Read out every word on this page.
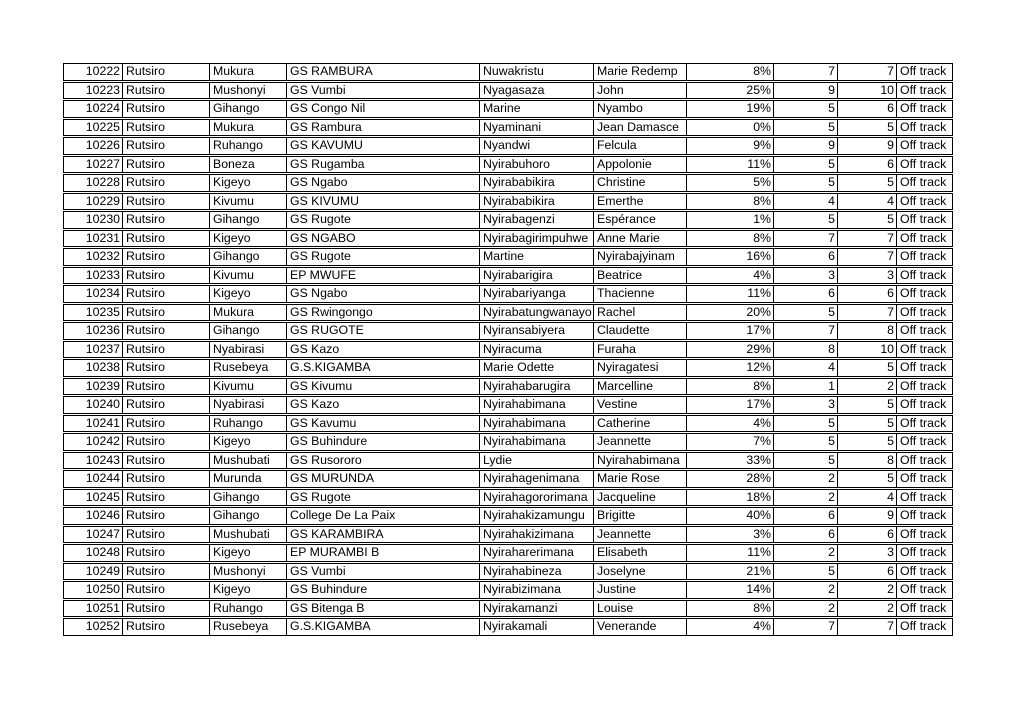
10222	Rutsiro	Mukura	GS RAMBURA	Nuwakristu	Marie Redemp	8%	7	7	Off track
10223	Rutsiro	Mushonyi	GS Vumbi	Nyagasaza	John	25%	9	10	Off track
10224	Rutsiro	Gihango	GS Congo Nil	Marine	Nyambo	19%	5	6	Off track
10225	Rutsiro	Mukura	GS Rambura	Nyaminani	Jean Damasce	0%	5	5	Off track
10226	Rutsiro	Ruhango	GS KAVUMU	Nyandwi	Felcula	9%	9	9	Off track
10227	Rutsiro	Boneza	GS Rugamba	Nyirabuhoro	Appolonie	11%	5	6	Off track
10228	Rutsiro	Kigeyo	GS Ngabo	Nyirababikira	Christine	5%	5	5	Off track
10229	Rutsiro	Kivumu	GS KIVUMU	Nyirababikira	Emerthe	8%	4	4	Off track
10230	Rutsiro	Gihango	GS Rugote	Nyirabagenzi	Espérance	1%	5	5	Off track
10231	Rutsiro	Kigeyo	GS NGABO	Nyirabagirimpuhwe	Anne Marie	8%	7	7	Off track
10232	Rutsiro	Gihango	GS Rugote	Martine	Nyirabajyinam	16%	6	7	Off track
10233	Rutsiro	Kivumu	EP MWUFE	Nyirabarigira	Beatrice	4%	3	3	Off track
10234	Rutsiro	Kigeyo	GS Ngabo	Nyirabariyanga	Thacienne	11%	6	6	Off track
10235	Rutsiro	Mukura	GS Rwingongo	Nyirabatungwanayo	Rachel	20%	5	7	Off track
10236	Rutsiro	Gihango	GS RUGOTE	Nyiransabiyera	Claudette	17%	7	8	Off track
10237	Rutsiro	Nyabirasi	GS Kazo	Nyiracuma	Furaha	29%	8	10	Off track
10238	Rutsiro	Rusebeya	G.S.KIGAMBA	Marie Odette	Nyiragatesi	12%	4	5	Off track
10239	Rutsiro	Kivumu	GS Kivumu	Nyirahabarugira	Marcelline	8%	1	2	Off track
10240	Rutsiro	Nyabirasi	GS Kazo	Nyirahabimana	Vestine	17%	3	5	Off track
10241	Rutsiro	Ruhango	GS Kavumu	Nyirahabimana	Catherine	4%	5	5	Off track
10242	Rutsiro	Kigeyo	GS Buhindure	Nyirahabimana	Jeannette	7%	5	5	Off track
10243	Rutsiro	Mushubati	GS Rusororo	Lydie	Nyirahabimana	33%	5	8	Off track
10244	Rutsiro	Murunda	GS MURUNDA	Nyirahagenimana	Marie Rose	28%	2	5	Off track
10245	Rutsiro	Gihango	GS Rugote	Nyirahagororimana	Jacqueline	18%	2	4	Off track
10246	Rutsiro	Gihango	College De La Paix	Nyirahakizamungu	Brigitte	40%	6	9	Off track
10247	Rutsiro	Mushubati	GS KARAMBIRA	Nyirahakizimana	Jeannette	3%	6	6	Off track
10248	Rutsiro	Kigeyo	EP MURAMBI B	Nyiraharerimana	Elisabeth	11%	2	3	Off track
10249	Rutsiro	Mushonyi	GS Vumbi	Nyirahabineza	Joselyne	21%	5	6	Off track
10250	Rutsiro	Kigeyo	GS Buhindure	Nyirabizimana	Justine	14%	2	2	Off track
10251	Rutsiro	Ruhango	GS Bitenga B	Nyirakamanzi	Louise	8%	2	2	Off track
10252	Rutsiro	Rusebeya	G.S.KIGAMBA	Nyirakamali	Venerande	4%	7	7	Off track
